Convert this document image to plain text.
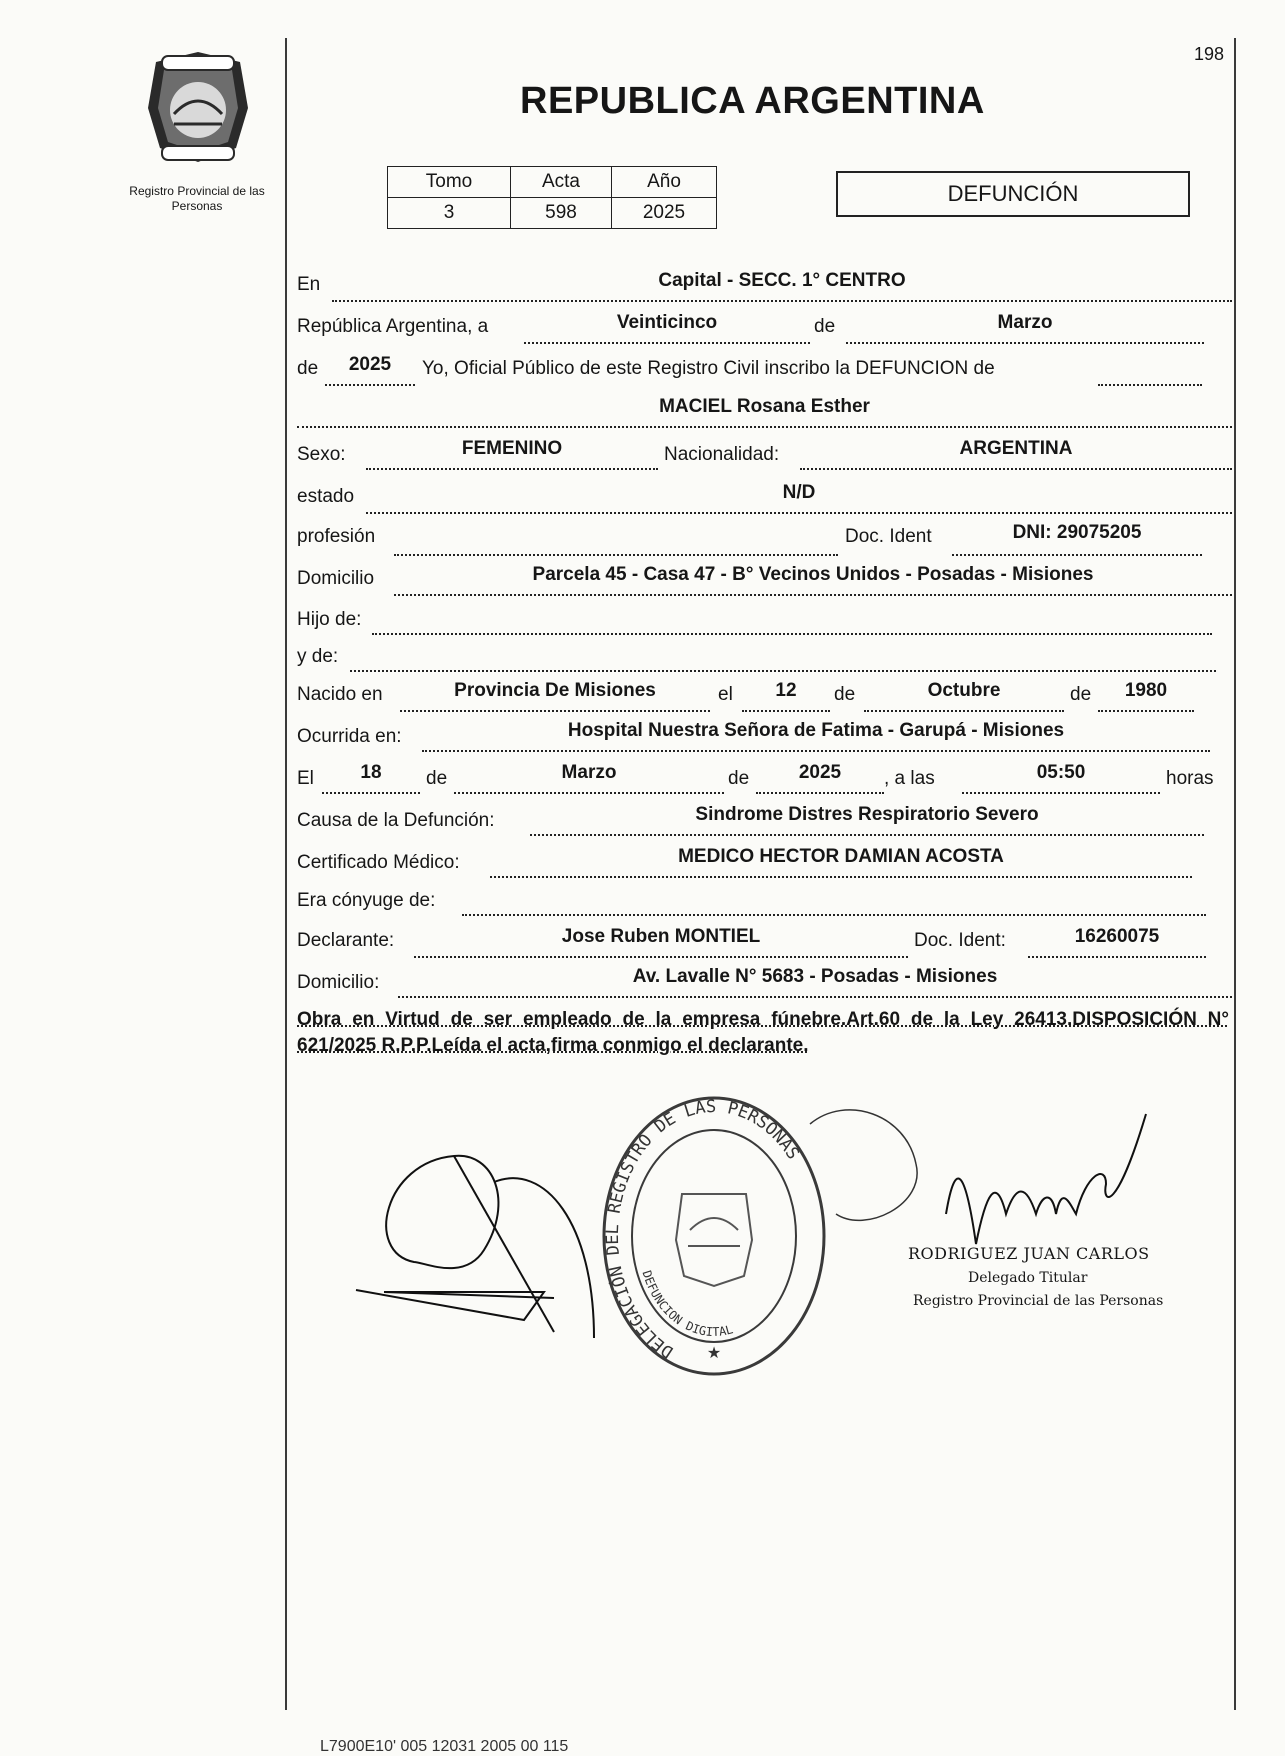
198
REPUBLICA ARGENTINA
Registro Provincial de las Personas
Tomo	Acta	Año
3	598	2025
DEFUNCIÓN
En	Capital - SECC. 1° CENTRO
República Argentina, a	Veinticinco	de	Marzo
de	2025	Yo, Oficial Público de este Registro Civil inscribo la DEFUNCION de
MACIEL Rosana Esther
Sexo:	FEMENINO	Nacionalidad:	ARGENTINA
estado	N/D
profesión	Doc. Ident	DNI: 29075205
Domicilio	Parcela 45 - Casa 47 - B° Vecinos Unidos - Posadas - Misiones
Hijo de:
y de:
Nacido en	Provincia De Misiones	el	12	de	Octubre	de	1980
Ocurrida en:	Hospital Nuestra Señora de Fatima - Garupá - Misiones
El	18	de	Marzo	de	2025	, a las	05:50	horas
Causa de la Defunción:	Sindrome Distres Respiratorio Severo
Certificado Médico:	MEDICO HECTOR DAMIAN ACOSTA
Era cónyuge de:
Declarante:	Jose Ruben MONTIEL	Doc. Ident:	16260075
Domicilio:	Av. Lavalle N° 5683 - Posadas - Misiones
Obra en Virtud de ser empleado de la empresa fúnebre.Art.60 de la Ley 26413.DISPOSICIÓN N° 621/2025 R.P.P.Leída el acta,firma conmigo el declarante.
DELEGACIÓN DEL REGISTRO DE LAS PERSONAS
DEFUNCION DIGITAL
★
RODRIGUEZ JUAN CARLOS
Delegado Titular
Registro Provincial de las Personas
L7900E10' 005 12031 2005 00 115
